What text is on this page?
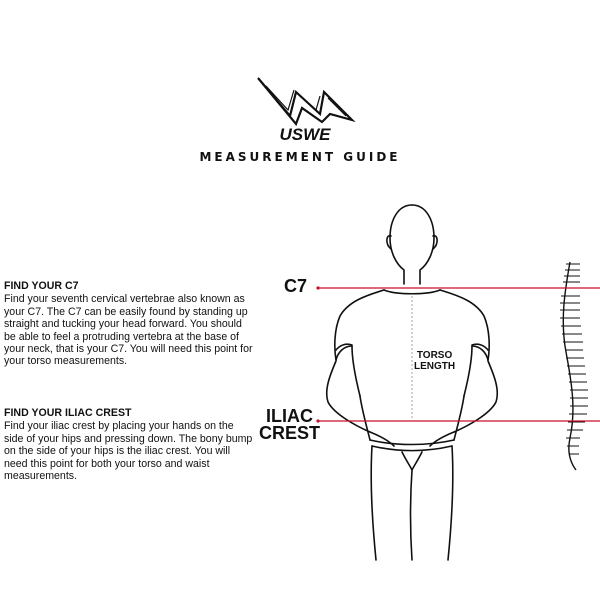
USWE
MEASUREMENT GUIDE
FIND YOUR C7

Find your seventh cervical vertebrae also known as your C7. The C7 can be easily found by standing up straight and tucking your head forward. You should be able to feel a protruding vertebra at the base of your neck, that is your C7. You will need this point for your torso measurements.

FIND YOUR ILIAC CREST

Find your iliac crest by placing your hands on the side of your hips and pressing down. The bony bump on the side of your hips is the iliac crest. You will need this point for both your torso and waist measurements.

C7
ILIAC
CREST
TORSO
LENGTH
